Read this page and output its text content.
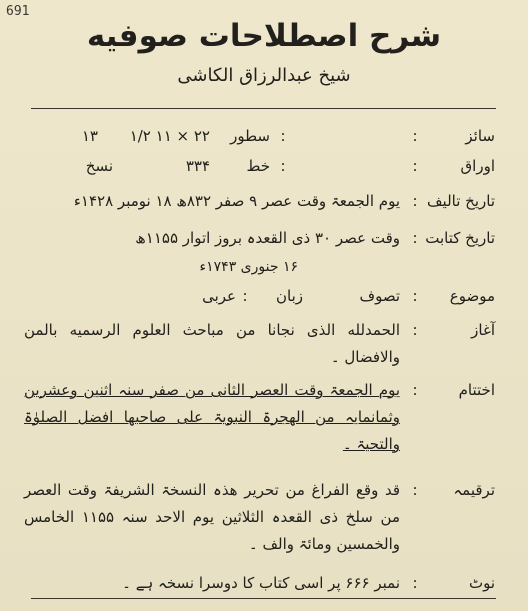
691
شرح اصطلاحات صوفیه
شیخ عبدالرزاق الکاشی
سائز
:
۲۲ × ۱۱ ۱/۲	سطور :
۱۳
اوراق
:
۳۳۴	خط :
نسخ
تاریخ تالیف
:
یوم الجمعۃ وقت عصر ۹ صفر ۸۳۲ھ ۱۸ نومبر ۱۴۲۸ء
تاریخ کتابت
:
وقت عصر ۳۰ ذی القعدہ بروز اتوار ۱۱۵۵ھ
۱۶ جنوری ۱۷۴۳ء
موضوع
:
تصوف
زبان
:
عربی
آغاز
:
الحمدلله الذی نجانا من مباحث العلوم الرسمیه بالمن والافضال ۔
اختتام
:
یوم الجمعۃ وقت العصر الثانی من صفر سنہ اثنین وعشرین وثمانمایہ من الھجرۃ النبویۃ علی صاحبھا افضل الصلوٰۃ والتحیۃ ۔
ترقیمہ
:
قد وقع الفراغ من تحریر ھذہ النسخۃ الشریفۃ وقت العصر من سلخ ذی القعدہ الثلاثین یوم الاحد سنہ ۱۱۵۵ الخامس والخمسین ومائۃ والف ۔
نوٹ
:
نمبر ۶۶۶ پر اسی کتاب کا دوسرا نسخہ ہے ۔
